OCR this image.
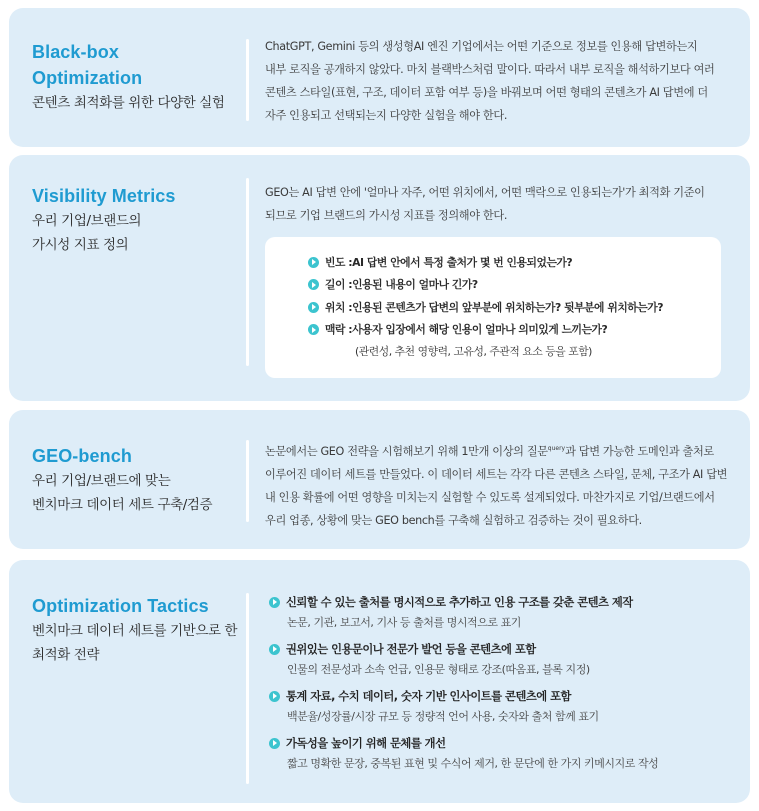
Black-box
Optimization
콘텐츠 최적화를 위한 다양한 실험

ChatGPT, Gemini 등의 생성형AI 엔진 기업에서는 어떤 기준으로 정보를 인용해 답변하는지

내부 로직을 공개하지 않았다. 마치 블랙박스처럼 말이다. 따라서 내부 로직을 해석하기보다 여러

콘텐츠 스타일(표현, 구조, 데이터 포함 여부 등)을 바꿔보며 어떤 형태의 콘텐츠가 AI 답변에 더

자주 인용되고 선택되는지 다양한 실험을 해야 한다.

Visibility Metrics
우리 기업/브랜드의
가시성 지표 정의

GEO는 AI 답변 안에 '얼마나 자주, 어떤 위치에서, 어떤 맥락으로 인용되는가'가 최적화 기준이

되므로 기업 브랜드의 가시성 지표를 정의해야 한다.

빈도 : AI 답변 안에서 특정 출처가 몇 번 인용되었는가?
길이 : 인용된 내용이 얼마나 긴가?
위치 : 인용된 콘텐츠가 답변의 앞부분에 위치하는가? 뒷부분에 위치하는가?
맥락 : 사용자 입장에서 해당 인용이 얼마나 의미있게 느끼는가?
(관련성, 추천 영향력, 고유성, 주관적 요소 등을 포함)
GEO-bench
우리 기업/브랜드에 맞는
벤치마크 데이터 세트 구축/검증

논문에서는 GEO 전략을 시험해보기 위해 1만개 이상의 질문$^{query}$과 답변 가능한 도메인과 출처로

이루어진 데이터 세트를 만들었다. 이 데이터 세트는 각각 다른 콘텐츠 스타일, 문체, 구조가 AI 답변

내 인용 확률에 어떤 영향을 미치는지 실험할 수 있도록 설계되었다. 마찬가지로 기업/브랜드에서

우리 업종, 상황에 맞는 GEO bench를 구축해 실험하고 검증하는 것이 필요하다.

Optimization Tactics
벤치마크 데이터 세트를 기반으로 한
최적화 전략
신뢰할 수 있는 출처를 명시적으로 추가하고 인용 구조를 갖춘 콘텐츠 제작
논문, 기관, 보고서, 기사 등 출처를 명시적으로 표기
권위있는 인용문이나 전문가 발언 등을 콘텐츠에 포함
인물의 전문성과 소속 언급, 인용문 형태로 강조(따옴표, 블록 지정)
통계 자료, 수치 데이터, 숫자 기반 인사이트를 콘텐츠에 포함
백분율/성장률/시장 규모 등 정량적 언어 사용, 숫자와 출처 함께 표기
가독성을 높이기 위해 문체를 개선
짧고 명확한 문장, 중복된 표현 및 수식어 제거, 한 문단에 한 가지 키메시지로 작성
